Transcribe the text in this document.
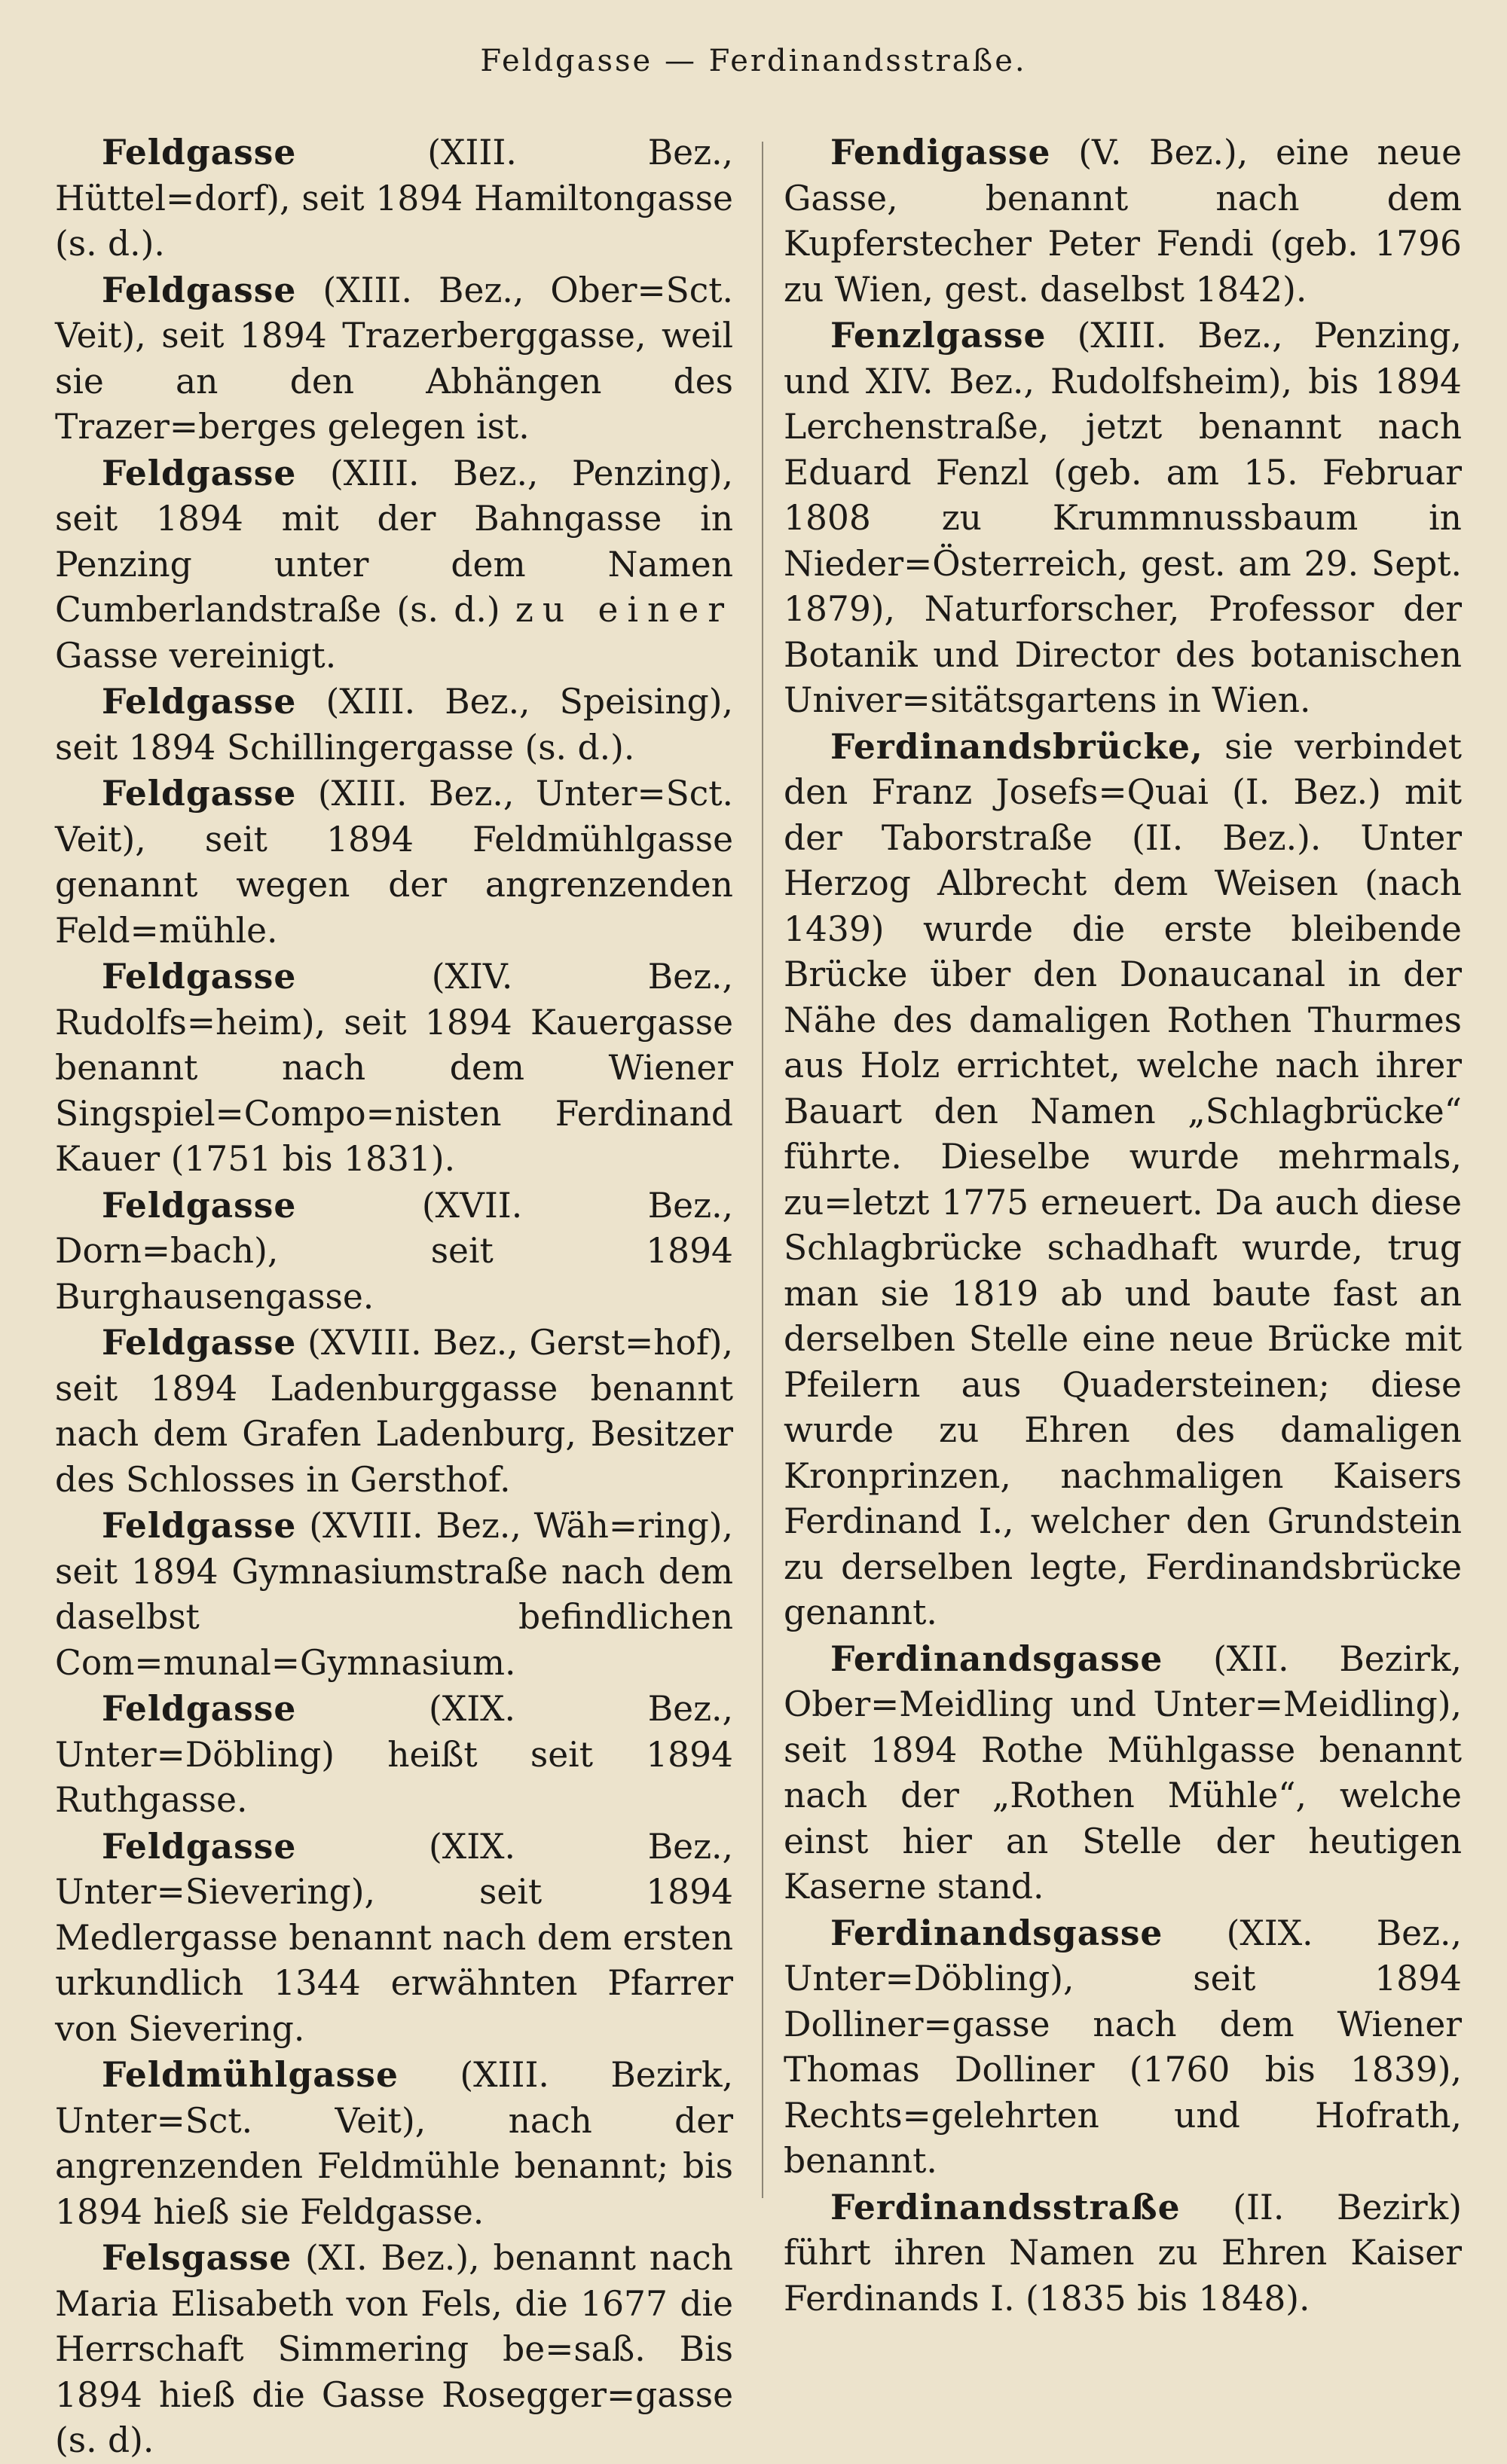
Feldgasse — Ferdinandsstraße.

Feldgasse (XIII. Bez., Hüttel=dorf), seit 1894 Hamiltongasse (s. d.).

Feldgasse (XIII. Bez., Ober=Sct. Veit), seit 1894 Trazerberggasse, weil sie an den Abhängen des Trazer=berges gelegen ist.

Feldgasse (XIII. Bez., Penzing), seit 1894 mit der Bahngasse in Penzing unter dem Namen Cumberlandstraße (s. d.) zu einer Gasse vereinigt.

Feldgasse (XIII. Bez., Speising), seit 1894 Schillingergasse (s. d.).

Feldgasse (XIII. Bez., Unter=Sct. Veit), seit 1894 Feldmühlgasse genannt wegen der angrenzenden Feld=mühle.

Feldgasse (XIV. Bez., Rudolfs=heim), seit 1894 Kauergasse benannt nach dem Wiener Singspiel=Compo=nisten Ferdinand Kauer (1751 bis 1831).

Feldgasse (XVII. Bez., Dorn=bach), seit 1894 Burghausengasse.

Feldgasse (XVIII. Bez., Gerst=hof), seit 1894 Ladenburggasse benannt nach dem Grafen Ladenburg, Besitzer des Schlosses in Gersthof.

Feldgasse (XVIII. Bez., Wäh=ring), seit 1894 Gymnasiumstraße nach dem daselbst befindlichen Com=munal=Gymnasium.

Feldgasse (XIX. Bez., Unter=Döbling) heißt seit 1894 Ruthgasse.

Feldgasse (XIX. Bez., Unter=Sievering), seit 1894 Medlergasse benannt nach dem ersten urkundlich 1344 erwähnten Pfarrer von Sievering.

Feldmühlgasse (XIII. Bezirk, Unter=Sct. Veit), nach der angrenzenden Feldmühle benannt; bis 1894 hieß sie Feldgasse.

Felsgasse (XI. Bez.), benannt nach Maria Elisabeth von Fels, die 1677 die Herrschaft Simmering be=saß. Bis 1894 hieß die Gasse Rosegger=gasse (s. d).

Fendigasse (V. Bez.), eine neue Gasse, benannt nach dem Kupferstecher Peter Fendi (geb. 1796 zu Wien, gest. daselbst 1842).

Fenzlgasse (XIII. Bez., Penzing, und XIV. Bez., Rudolfsheim), bis 1894 Lerchenstraße, jetzt benannt nach Eduard Fenzl (geb. am 15. Februar 1808 zu Krummnussbaum in Nieder=Österreich, gest. am 29. Sept. 1879), Naturforscher, Professor der Botanik und Director des botanischen Univer=sitätsgartens in Wien.

Ferdinandsbrücke, sie verbindet den Franz Josefs=Quai (I. Bez.) mit der Taborstraße (II. Bez.). Unter Herzog Albrecht dem Weisen (nach 1439) wurde die erste bleibende Brücke über den Donaucanal in der Nähe des damaligen Rothen Thurmes aus Holz errichtet, welche nach ihrer Bauart den Namen „Schlagbrücke“ führte. Dieselbe wurde mehrmals, zu=letzt 1775 erneuert. Da auch diese Schlagbrücke schadhaft wurde, trug man sie 1819 ab und baute fast an derselben Stelle eine neue Brücke mit Pfeilern aus Quadersteinen; diese wurde zu Ehren des damaligen Kronprinzen, nachmaligen Kaisers Ferdinand I., welcher den Grundstein zu derselben legte, Ferdinandsbrücke genannt.

Ferdinandsgasse (XII. Bezirk, Ober=Meidling und Unter=Meidling), seit 1894 Rothe Mühlgasse benannt nach der „Rothen Mühle“, welche einst hier an Stelle der heutigen Kaserne stand.

Ferdinandsgasse (XIX. Bez., Unter=Döbling), seit 1894 Dolliner=gasse nach dem Wiener Thomas Dolliner (1760 bis 1839), Rechts=gelehrten und Hofrath, benannt.

Ferdinandsstraße (II. Bezirk) führt ihren Namen zu Ehren Kaiser Ferdinands I. (1835 bis 1848).
